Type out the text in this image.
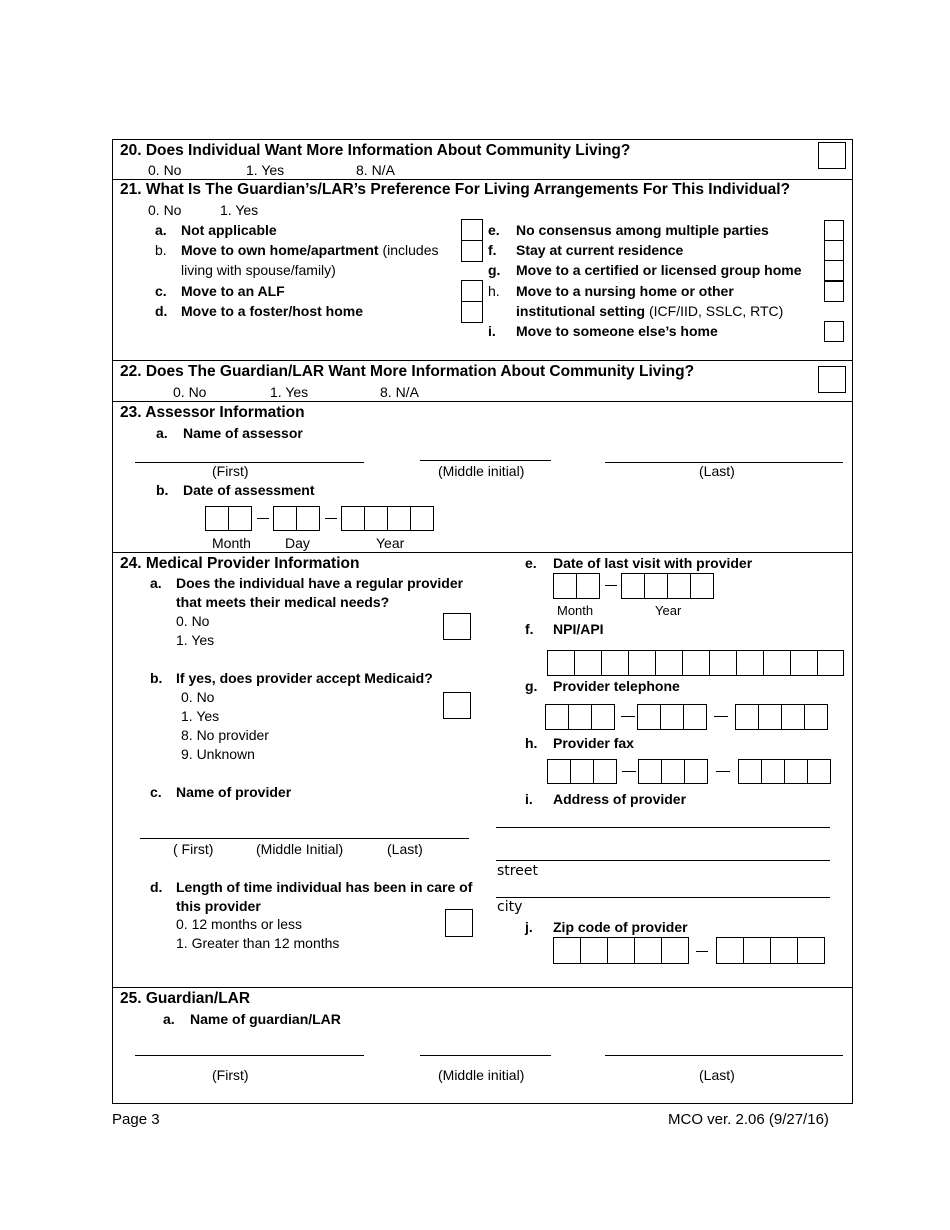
20. Does Individual Want More Information About Community Living?
0. No	1. Yes	8. N/A
21. What Is The Guardian’s/LAR’s Preference For Living Arrangements For This Individual?
0. No	1. Yes
a. Not applicable
b. Move to own home/apartment (includes
living with spouse/family)
c. Move to an ALF
d. Move to a foster/host home
e. No consensus among multiple parties
f. Stay at current residence
g. Move to a certified or licensed group home
h. Move to a nursing home or other
institutional setting (ICF/IID, SSLC, RTC)
i. Move to someone else’s home
22. Does The Guardian/LAR Want More Information About Community Living?
0. No	1. Yes	8. N/A
23. Assessor Information
a. Name of assessor
(First)	(Middle initial)	(Last)
b. Date of assessment
Month Day	Year
24. Medical Provider Information
a. Does the individual have a regular provider
that meets their medical needs?
0. No
1. Yes
b. If yes, does provider accept Medicaid?
0. No
1. Yes
8. No provider
9. Unknown
c. Name of provider
( First)	(Middle Initial)	(Last)
d. Length of time individual has been in care of
this provider
0. 12 months or less
1. Greater than 12 months
e. Date of last visit with provider
Month	Year
f. NPI/API
g. Provider telephone
h. Provider fax
i. Address of provider
street
city
j. Zip code of provider
25. Guardian/LAR
a. Name of guardian/LAR
(First)	(Middle initial)	(Last)
Page 3	MCO ver. 2.06 (9/27/16)
